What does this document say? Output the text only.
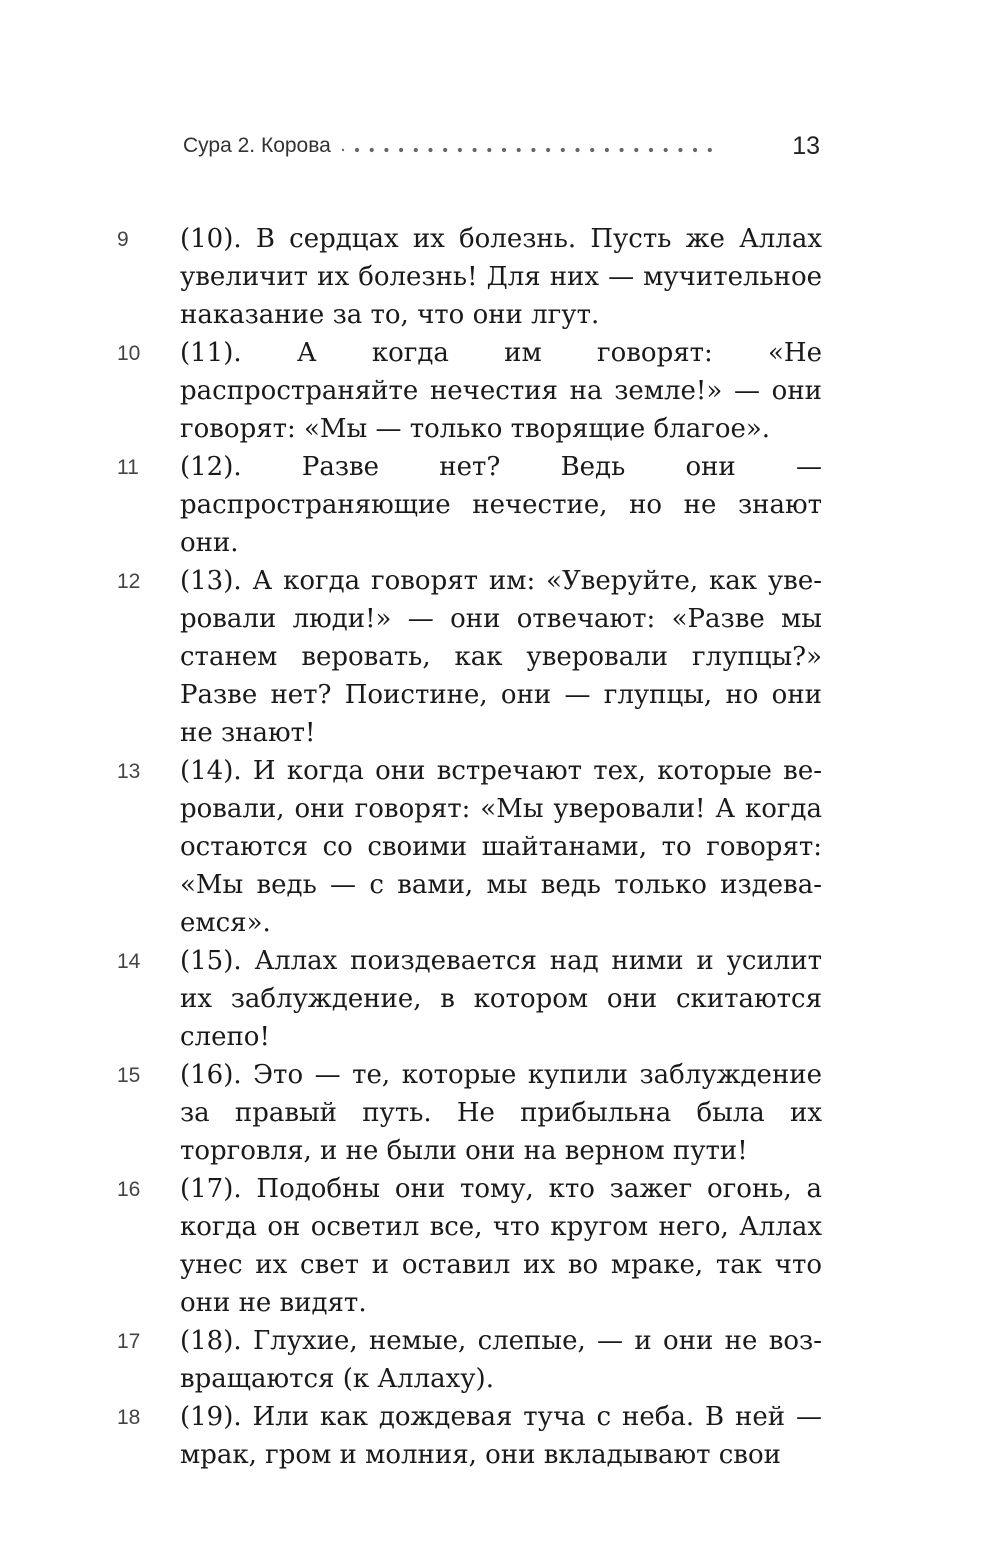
Сура 2. Корова	13
9 (10). В сердцах их болезнь. Пусть же Аллах увеличит их болезнь! Для них — мучительное наказание за то, что они лгут.

10 (11). А когда им говорят: «Не распространяйте нечестия на земле!» — они говорят: «Мы — только творящие благое».

11 (12). Разве нет? Ведь они — распространяющие нечестие, но не знают они.

12 (13). А когда говорят им: «Уверуйте, как уверовали люди!» — они отвечают: «Разве мы станем веровать, как уверовали глупцы?» Разве нет? Поистине, они — глупцы, но они не знают!

13 (14). И когда они встречают тех, которые веровали, они говорят: «Мы уверовали! А когда остаются со своими шайтанами, то говорят: «Мы ведь — с вами, мы ведь только издеваемся».

14 (15). Аллах поиздевается над ними и усилит их заблуждение, в котором они скитаются слепо!

15 (16). Это — те, которые купили заблуждение за правый путь. Не прибыльна была их торговля, и не были они на верном пути!

16 (17). Подобны они тому, кто зажег огонь, а когда он осветил все, что кругом него, Аллах унес их свет и оставил их во мраке, так что они не видят.

17 (18). Глухие, немые, слепые, — и они не возвращаются (к Аллаху).

18 (19). Или как дождевая туча с неба. В ней — мрак, гром и молния, они вкладывают свои
